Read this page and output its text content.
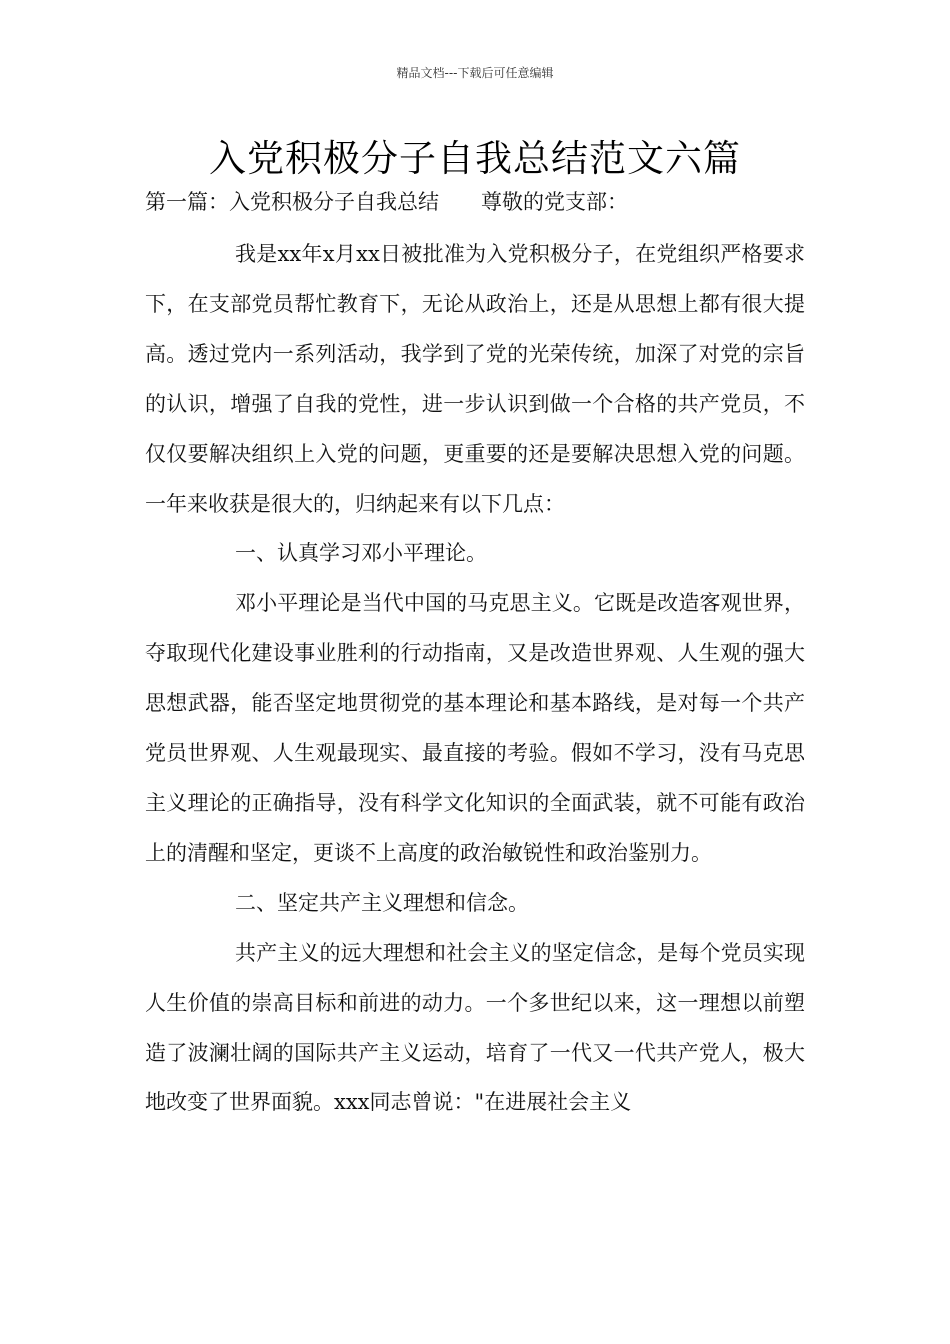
精品文档---下载后可任意编辑
入党积极分子自我总结范文六篇
第一篇：入党积极分子自我总结　　尊敬的党支部：

我是xx年x月xx日被批准为入党积极分子，在党组织严格要求下，在支部党员帮忙教育下，无论从政治上，还是从思想上都有很大提高。透过党内一系列活动，我学到了党的光荣传统，加深了对党的宗旨的认识，增强了自我的党性，进一步认识到做一个合格的共产党员，不仅仅要解决组织上入党的问题，更重要的还是要解决思想入党的问题。一年来收获是很大的，归纳起来有以下几点：

一、认真学习邓小平理论。

邓小平理论是当代中国的马克思主义。它既是改造客观世界，夺取现代化建设事业胜利的行动指南，又是改造世界观、人生观的强大思想武器，能否坚定地贯彻党的基本理论和基本路线，是对每一个共产党员世界观、人生观最现实、最直接的考验。假如不学习，没有马克思主义理论的正确指导，没有科学文化知识的全面武装，就不可能有政治上的清醒和坚定，更谈不上高度的政治敏锐性和政治鉴别力。

二、坚定共产主义理想和信念。

共产主义的远大理想和社会主义的坚定信念，是每个党员实现人生价值的崇高目标和前进的动力。一个多世纪以来，这一理想以前塑造了波澜壮阔的国际共产主义运动，培育了一代又一代共产党人，极大地改变了世界面貌。xxx同志曾说："在进展社会主义
